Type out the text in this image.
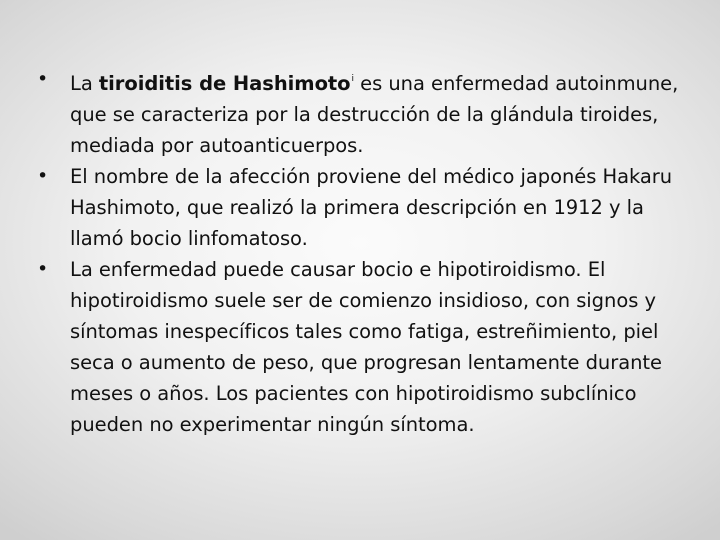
• La tiroiditis de Hashimoto$^i$ es una enfermedad autoinmune, que se caracteriza por la destrucción de la glándula tiroides, mediada por autoanticuerpos.
• El nombre de la afección proviene del médico japonés Hakaru Hashimoto, que realizó la primera descripción en 1912 y la llamó bocio linfomatoso.
• La enfermedad puede causar bocio e hipotiroidismo. El hipotiroidismo suele ser de comienzo insidioso, con signos y síntomas inespecíficos tales como fatiga, estreñimiento, piel seca o aumento de peso, que progresan lentamente durante meses o años. Los pacientes con hipotiroidismo subclínico pueden no experimentar ningún síntoma.
